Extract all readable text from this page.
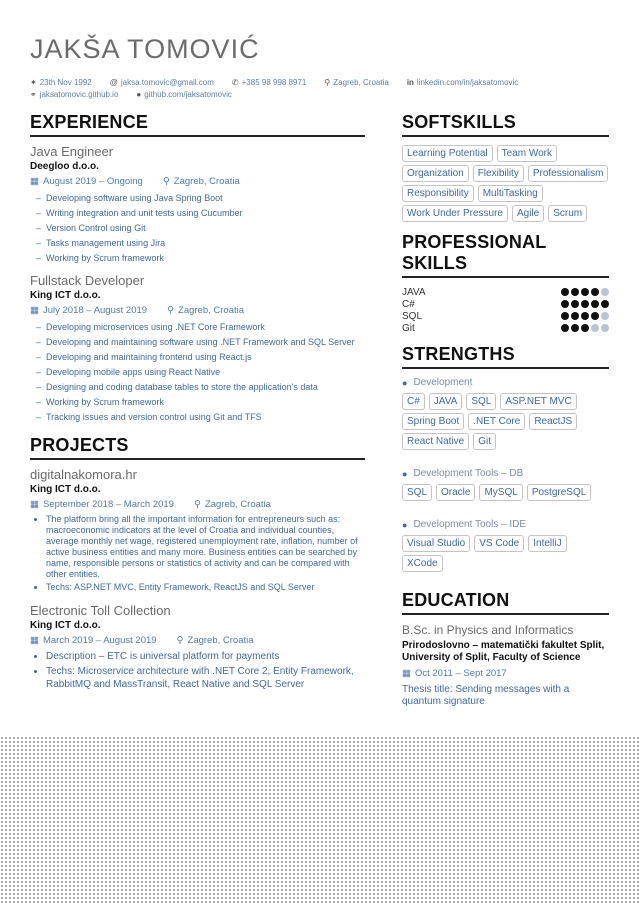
JAKŠA TOMOVIĆ
✦ 23th Nov 1992 @ jaksa.tomovic@gmail.com ✆ +385 98 998 8971 ⚲ Zagreb, Croatia in linkedin.com/in/jaksatomovic
⚭ jaksatomovic.github.io ● github.com/jaksatomovic
EXPERIENCE
Java Engineer
Deegloo d.o.o.
▦ August 2019 – Ongoing ⚲ Zagreb, Croatia
–  Developing software using Java Spring Boot
–  Writing integration and unit tests using Cucumber
–  Version Control using Git
–  Tasks management using Jira
–  Working by Scrum framework
Fullstack Developer
King ICT d.o.o.
▦ July 2018 – August 2019 ⚲ Zagreb, Croatia
–  Developing microservices using .NET Core Framework
–  Developing and maintaining software using .NET Framework and SQL Server
–  Developing and maintaining frontend using React.js
–  Developing mobile apps using React Native
–  Designing and coding database tables to store the application's data
–  Working by Scrum framework
–  Tracking issues and version control using Git and TFS
PROJECTS
digitalnakomora.hr
King ICT d.o.o.
▦ September 2018 – March 2019 ⚲ Zagreb, Croatia
• The platform bring all the important information for entrepreneurs such as: macroeconomic indicators at the level of Croatia and individual counties, average monthly net wage, registered unemployment rate, inflation, number of active business entities and many more. Business entities can be searched by name, responsible persons or statistics of activity and can be compared with other entities.
• Techs: ASP.NET MVC, Entity Framework, ReactJS and SQL Server
Electronic Toll Collection
King ICT d.o.o.
▦ March 2019 – August 2019 ⚲ Zagreb, Croatia
• Description – ETC is universal platform for payments
• Techs: Microservice architecture with .NET Core 2, Entity Framework, RabbitMQ and MassTransit, React Native and SQL Server
SOFTSKILLS
Learning Potential	Team Work
Organization	Flexibility	Professionalism
Responsibility	MultiTasking
Work Under Pressure	Agile	Scrum
PROFESSIONAL SKILLS
JAVA
C#
SQL
Git
STRENGTHS
● Development
C#	JAVA	SQL	ASP.NET MVC
Spring Boot	.NET Core	ReactJS
React Native	Git
● Development Tools – DB
SQL	Oracle	MySQL	PostgreSQL
● Development Tools – IDE
Visual Studio	VS Code	IntelliJ
XCode
EDUCATION
B.Sc. in Physics and Informatics
Prirodoslovno – matematički fakultet Split, University of Split, Faculty of Science
▦ Oct 2011 – Sept 2017
Thesis title: Sending messages with a quantum signature
